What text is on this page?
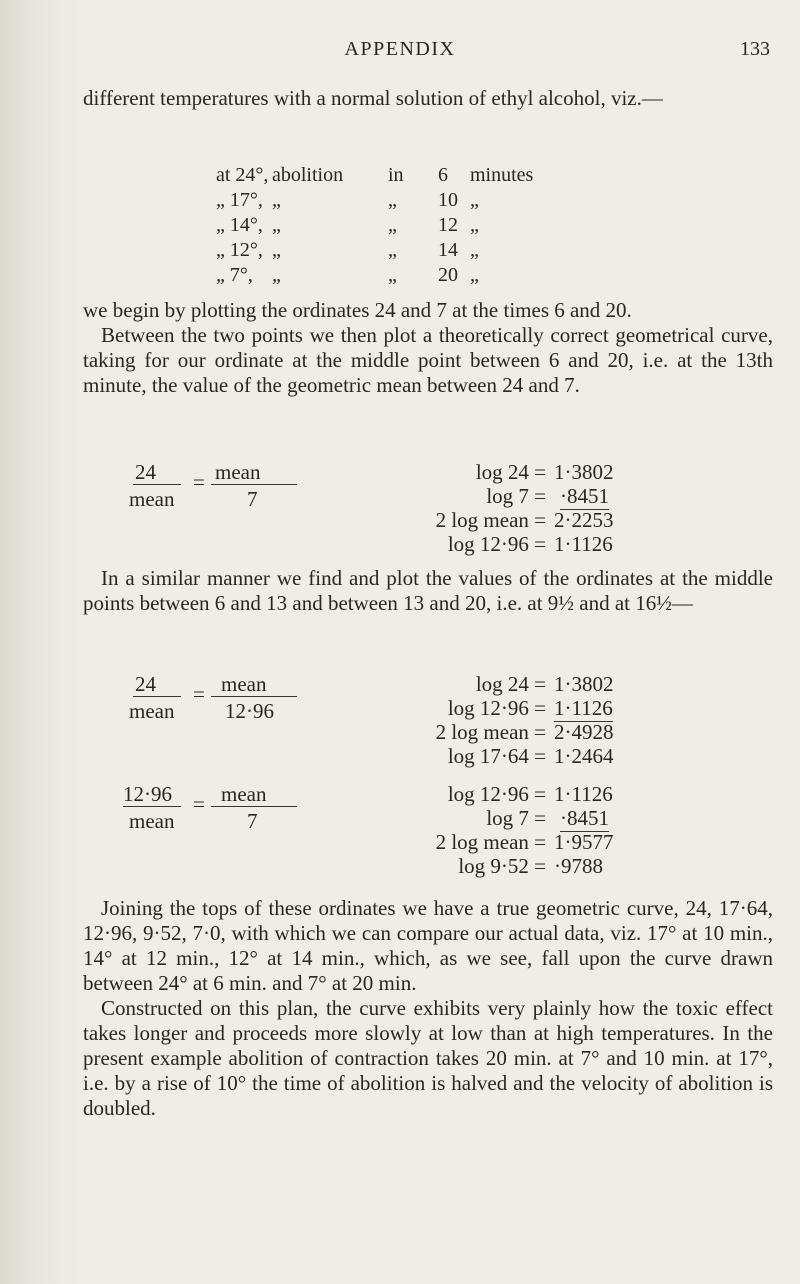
APPENDIX	133

different temperatures with a normal solution of ethyl alcohol, viz.—

at 24°, abolition in 6 minutes
„ 17°, „	„ 10 „
„ 14°, „	„ 12 „
„ 12°, „	„ 14 „
„ 7°, „	„ 20 „

we begin by plotting the ordinates 24 and 7 at the times 6 and 20.

Between the two points we then plot a theoretically correct geometrical curve, taking for our ordinate at the middle point between 6 and 20, i.e. at the 13th minute, the value of the geometric mean between 24 and 7.

24
mean
= mean
7
log 24 = 1·3802
log 7 = ·8451
2 log mean = 2·2253
log 12·96 = 1·1126

In a similar manner we find and plot the values of the ordinates at the middle points between 6 and 13 and between 13 and 20, i.e. at 9½ and at 16½—

24
mean
= mean
12·96
log 24 = 1·3802
log 12·96 = 1·1126
2 log mean = 2·4928
log 17·64 = 1·2464
12·96
mean
= mean
7
log 12·96 = 1·1126
log 7 = ·8451
2 log mean = 1·9577
log 9·52 = ·9788

Joining the tops of these ordinates we have a true geometric curve, 24, 17·64, 12·96, 9·52, 7·0, with which we can compare our actual data, viz. 17° at 10 min., 14° at 12 min., 12° at 14 min., which, as we see, fall upon the curve drawn between 24° at 6 min. and 7° at 20 min.

Constructed on this plan, the curve exhibits very plainly how the toxic effect takes longer and proceeds more slowly at low than at high temperatures. In the present example abolition of contraction takes 20 min. at 7° and 10 min. at 17°, i.e. by a rise of 10° the time of abolition is halved and the velocity of abolition is doubled.
